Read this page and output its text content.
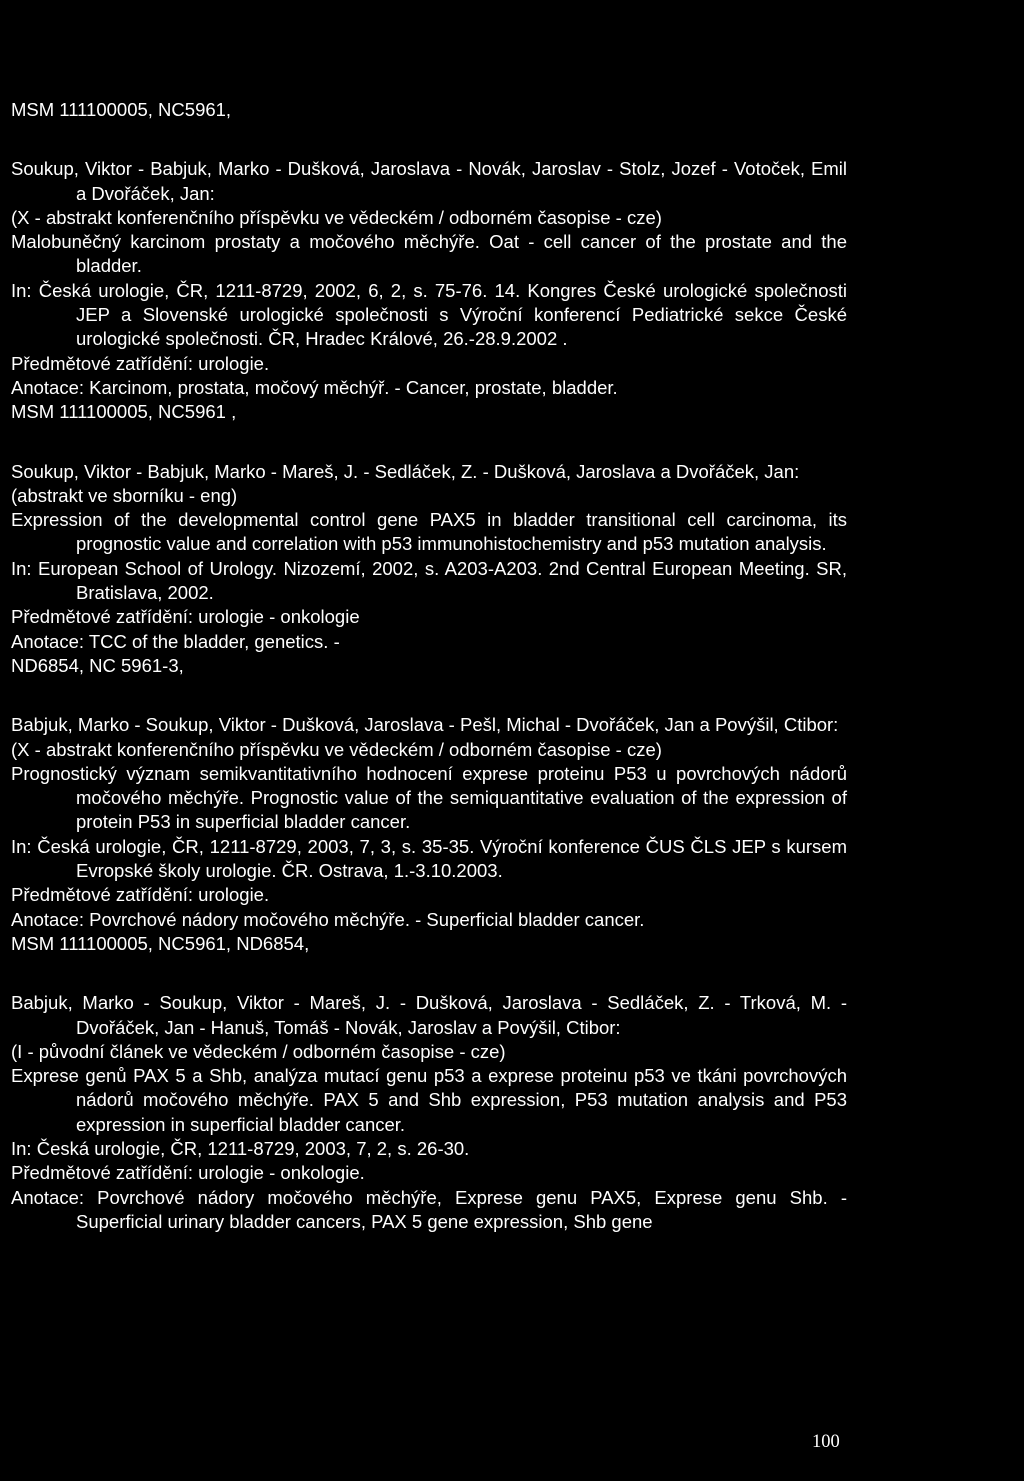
MSM 111100005, NC5961,
Soukup, Viktor - Babjuk, Marko - Dušková, Jaroslava - Novák, Jaroslav - Stolz, Jozef - Votoček, Emil a Dvořáček, Jan:
(X - abstrakt konferenčního příspěvku ve vědeckém / odborném časopise - cze)
Malobuněčný karcinom prostaty a močového měchýře. Oat - cell cancer of the prostate and the bladder.
In: Česká urologie, ČR, 1211-8729, 2002, 6, 2, s. 75-76. 14. Kongres České urologické společnosti JEP a Slovenské urologické společnosti s Výroční konferencí Pediatrické sekce České urologické společnosti. ČR, Hradec Králové, 26.-28.9.2002 .
Předmětové zatřídění: urologie.
Anotace: Karcinom, prostata, močový měchýř. - Cancer, prostate, bladder.
MSM 111100005, NC5961 ,
Soukup, Viktor - Babjuk, Marko - Mareš, J. - Sedláček, Z. - Dušková, Jaroslava a Dvořáček, Jan:
(abstrakt ve sborníku - eng)
Expression of the developmental control gene PAX5 in bladder transitional cell carcinoma, its prognostic value and correlation with p53 immunohistochemistry and p53 mutation analysis.
In: European School of Urology. Nizozemí, 2002, s. A203-A203. 2nd Central European Meeting. SR, Bratislava, 2002.
Předmětové zatřídění: urologie - onkologie
Anotace: TCC of the bladder, genetics. -
ND6854, NC 5961-3,
Babjuk, Marko - Soukup, Viktor - Dušková, Jaroslava - Pešl, Michal - Dvořáček, Jan a Povýšil, Ctibor:
(X - abstrakt konferenčního příspěvku ve vědeckém / odborném časopise - cze)
Prognostický význam semikvantitativního hodnocení exprese proteinu P53 u povrchových nádorů močového měchýře. Prognostic value of the semiquantitative evaluation of the expression of protein P53 in superficial bladder cancer.
In: Česká urologie, ČR, 1211-8729, 2003, 7, 3, s. 35-35. Výroční konference ČUS ČLS JEP s kursem Evropské školy urologie. ČR. Ostrava, 1.-3.10.2003.
Předmětové zatřídění: urologie.
Anotace: Povrchové nádory močového měchýře. - Superficial bladder cancer.
MSM 111100005, NC5961, ND6854,
Babjuk, Marko - Soukup, Viktor - Mareš, J. - Dušková, Jaroslava - Sedláček, Z. - Trková, M. - Dvořáček, Jan - Hanuš, Tomáš - Novák, Jaroslav a Povýšil, Ctibor:
(I - původní článek ve vědeckém / odborném časopise - cze)
Exprese genů PAX 5 a Shb, analýza mutací genu p53 a exprese proteinu p53 ve tkáni povrchových nádorů močového měchýře. PAX 5 and Shb expression, P53 mutation analysis and P53 expression in superficial bladder cancer.
In: Česká urologie, ČR, 1211-8729, 2003, 7, 2, s. 26-30.
Předmětové zatřídění: urologie - onkologie.
Anotace: Povrchové nádory močového měchýře, Exprese genu PAX5, Exprese genu Shb. - Superficial urinary bladder cancers, PAX 5 gene expression, Shb gene
100
